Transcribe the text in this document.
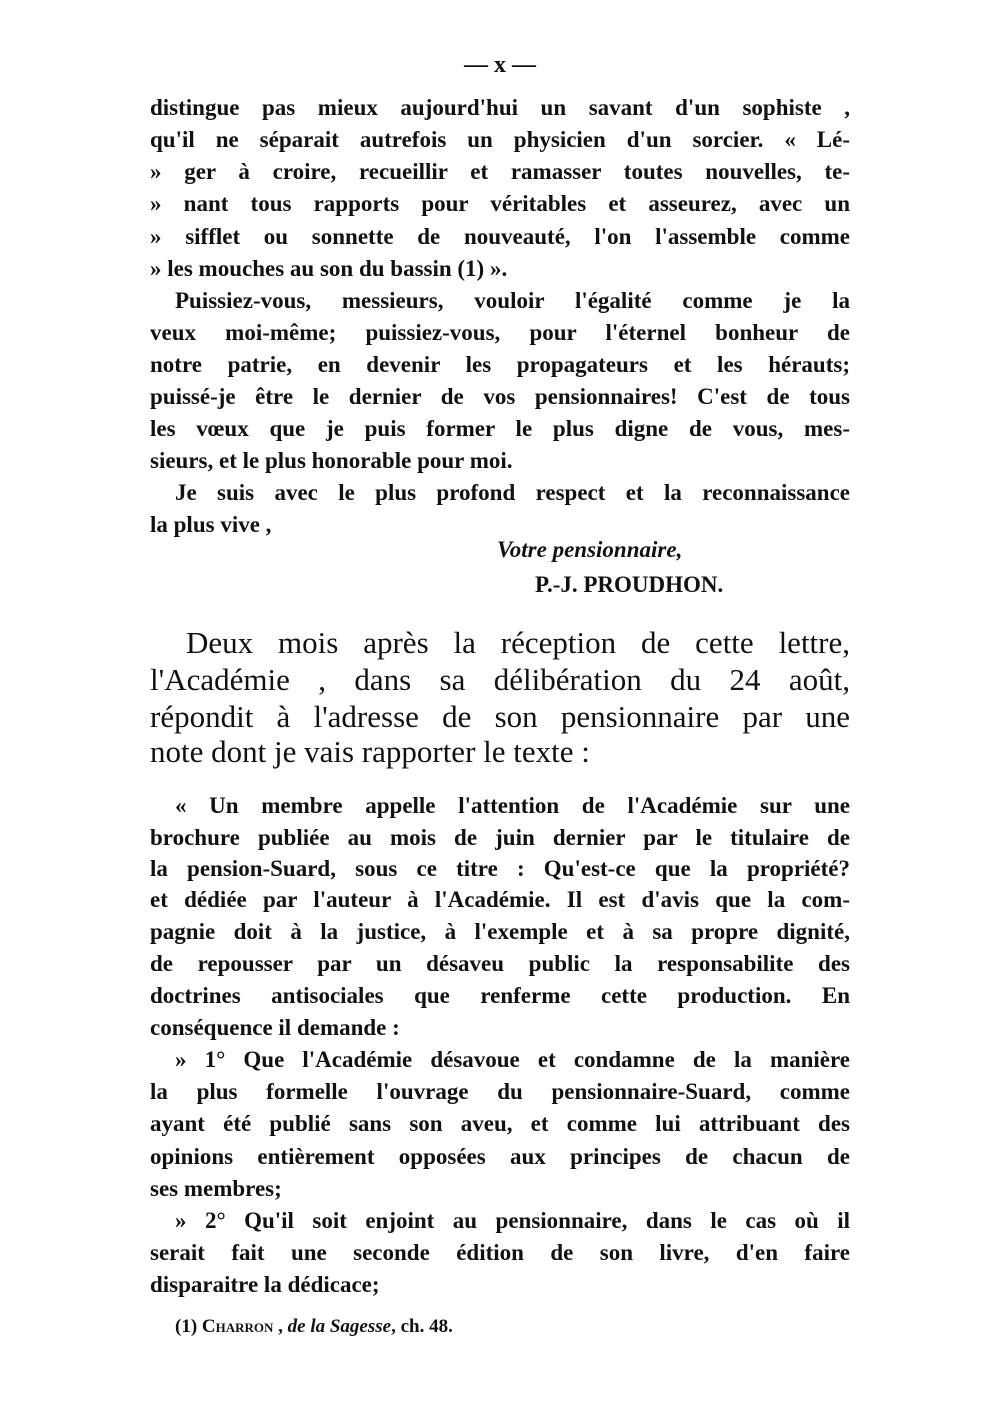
— x —
distingue pas mieux aujourd'hui un savant d'un sophiste ,
qu'il ne séparait autrefois un physicien d'un sorcier. « Lé-
» ger à croire, recueillir et ramasser toutes nouvelles, te-
» nant tous rapports pour véritables et asseurez, avec un
» sifflet ou sonnette de nouveauté, l'on l'assemble comme
» les mouches au son du bassin (1) ».
Puissiez-vous, messieurs, vouloir l'égalité comme je la
veux moi-même; puissiez-vous, pour l'éternel bonheur de
notre patrie, en devenir les propagateurs et les hérauts;
puissé-je être le dernier de vos pensionnaires! C'est de tous
les vœux que je puis former le plus digne de vous, mes-
sieurs, et le plus honorable pour moi.
Je suis avec le plus profond respect et la reconnaissance
la plus vive ,
Votre pensionnaire,
P.-J. PROUDHON.
Deux mois après la réception de cette lettre,
l'Académie , dans sa délibération du 24 août,
répondit à l'adresse de son pensionnaire par une
note dont je vais rapporter le texte :
« Un membre appelle l'attention de l'Académie sur une
brochure publiée au mois de juin dernier par le titulaire de
la pension-Suard, sous ce titre : Qu'est-ce que la propriété?
et dédiée par l'auteur à l'Académie. Il est d'avis que la com-
pagnie doit à la justice, à l'exemple et à sa propre dignité,
de repousser par un désaveu public la responsabilite des
doctrines antisociales que renferme cette production. En
conséquence il demande :
» 1° Que l'Académie désavoue et condamne de la manière
la plus formelle l'ouvrage du pensionnaire-Suard, comme
ayant été publié sans son aveu, et comme lui attribuant des
opinions entièrement opposées aux principes de chacun de
ses membres;
» 2° Qu'il soit enjoint au pensionnaire, dans le cas où il
serait fait une seconde édition de son livre, d'en faire
disparaitre la dédicace;
(1) Charron , de la Sagesse, ch. 48.
